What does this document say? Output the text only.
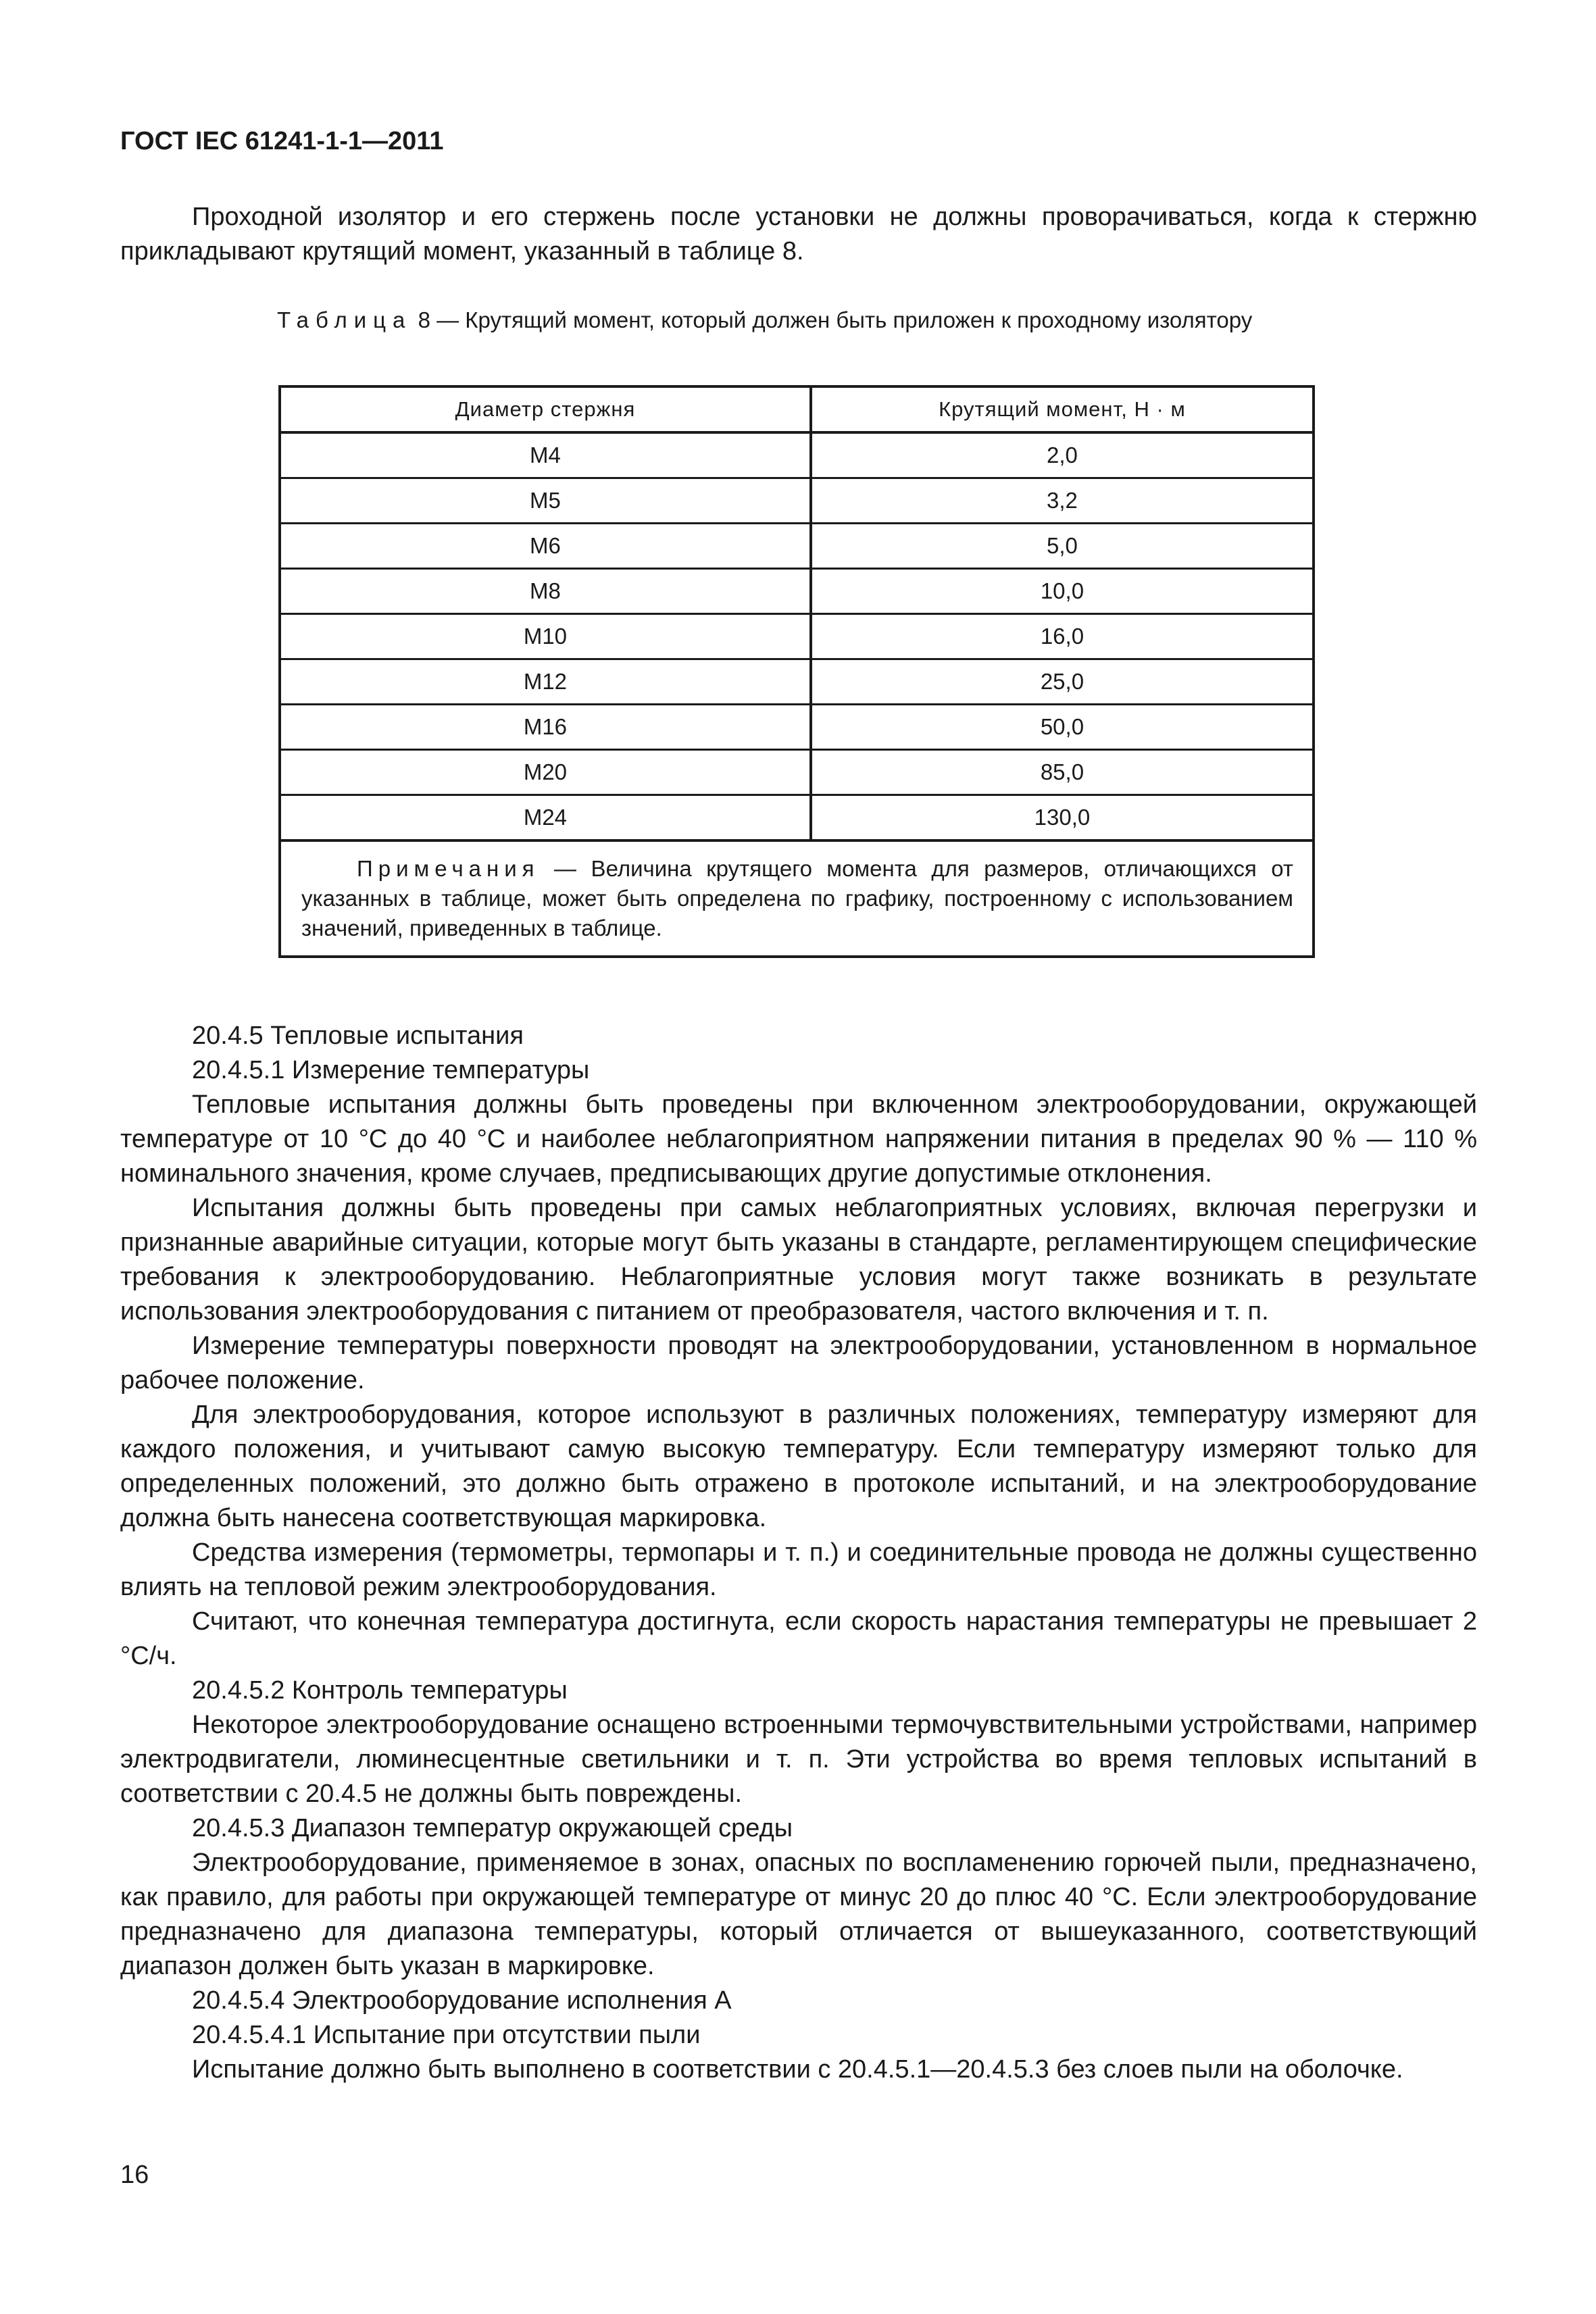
ГОСТ IEC 61241-1-1—2011
Проходной изолятор и его стержень после установки не должны проворачиваться, когда к стержню прикладывают крутящий момент, указанный в таблице 8.
Таблица 8 — Крутящий момент, который должен быть приложен к проходному изолятору
Диаметр стержня	Крутящий момент, Н · м
M4	2,0
M5	3,2
M6	5,0
M8	10,0
M10	16,0
M12	25,0
M16	50,0
M20	85,0
M24	130,0
Примечания — Величина крутящего момента для размеров, отличающихся от указанных в таблице, может быть определена по графику, построенному с использованием значений, приведенных в таблице.	
20.4.5 Тепловые испытания
20.4.5.1 Измерение температуры
Тепловые испытания должны быть проведены при включенном электрооборудовании, окружающей температуре от 10 °С до 40 °С и наиболее неблагоприятном напряжении питания в пределах 90 % — 110 % номинального значения, кроме случаев, предписывающих другие допустимые отклонения.
Испытания должны быть проведены при самых неблагоприятных условиях, включая перегрузки и признанные аварийные ситуации, которые могут быть указаны в стандарте, регламентирующем специфические требования к электрооборудованию. Неблагоприятные условия могут также возникать в результате использования электрооборудования с питанием от преобразователя, частого включения и т. п.
Измерение температуры поверхности проводят на электрооборудовании, установленном в нормальное рабочее положение.
Для электрооборудования, которое используют в различных положениях, температуру измеряют для каждого положения, и учитывают самую высокую температуру. Если температуру измеряют только для определенных положений, это должно быть отражено в протоколе испытаний, и на электрооборудование должна быть нанесена соответствующая маркировка.
Средства измерения (термометры, термопары и т. п.) и соединительные провода не должны существенно влиять на тепловой режим электрооборудования.
Считают, что конечная температура достигнута, если скорость нарастания температуры не превышает 2 °С/ч.
20.4.5.2 Контроль температуры
Некоторое электрооборудование оснащено встроенными термочувствительными устройствами, например электродвигатели, люминесцентные светильники и т. п. Эти устройства во время тепловых испытаний в соответствии с 20.4.5 не должны быть повреждены.
20.4.5.3 Диапазон температур окружающей среды
Электрооборудование, применяемое в зонах, опасных по воспламенению горючей пыли, предназначено, как правило, для работы при окружающей температуре от минус 20 до плюс 40 °С. Если электрооборудование предназначено для диапазона температуры, который отличается от вышеуказанного, соответствующий диапазон должен быть указан в маркировке.
20.4.5.4 Электрооборудование исполнения А
20.4.5.4.1 Испытание при отсутствии пыли
Испытание должно быть выполнено в соответствии с 20.4.5.1—20.4.5.3 без слоев пыли на оболочке.
16
